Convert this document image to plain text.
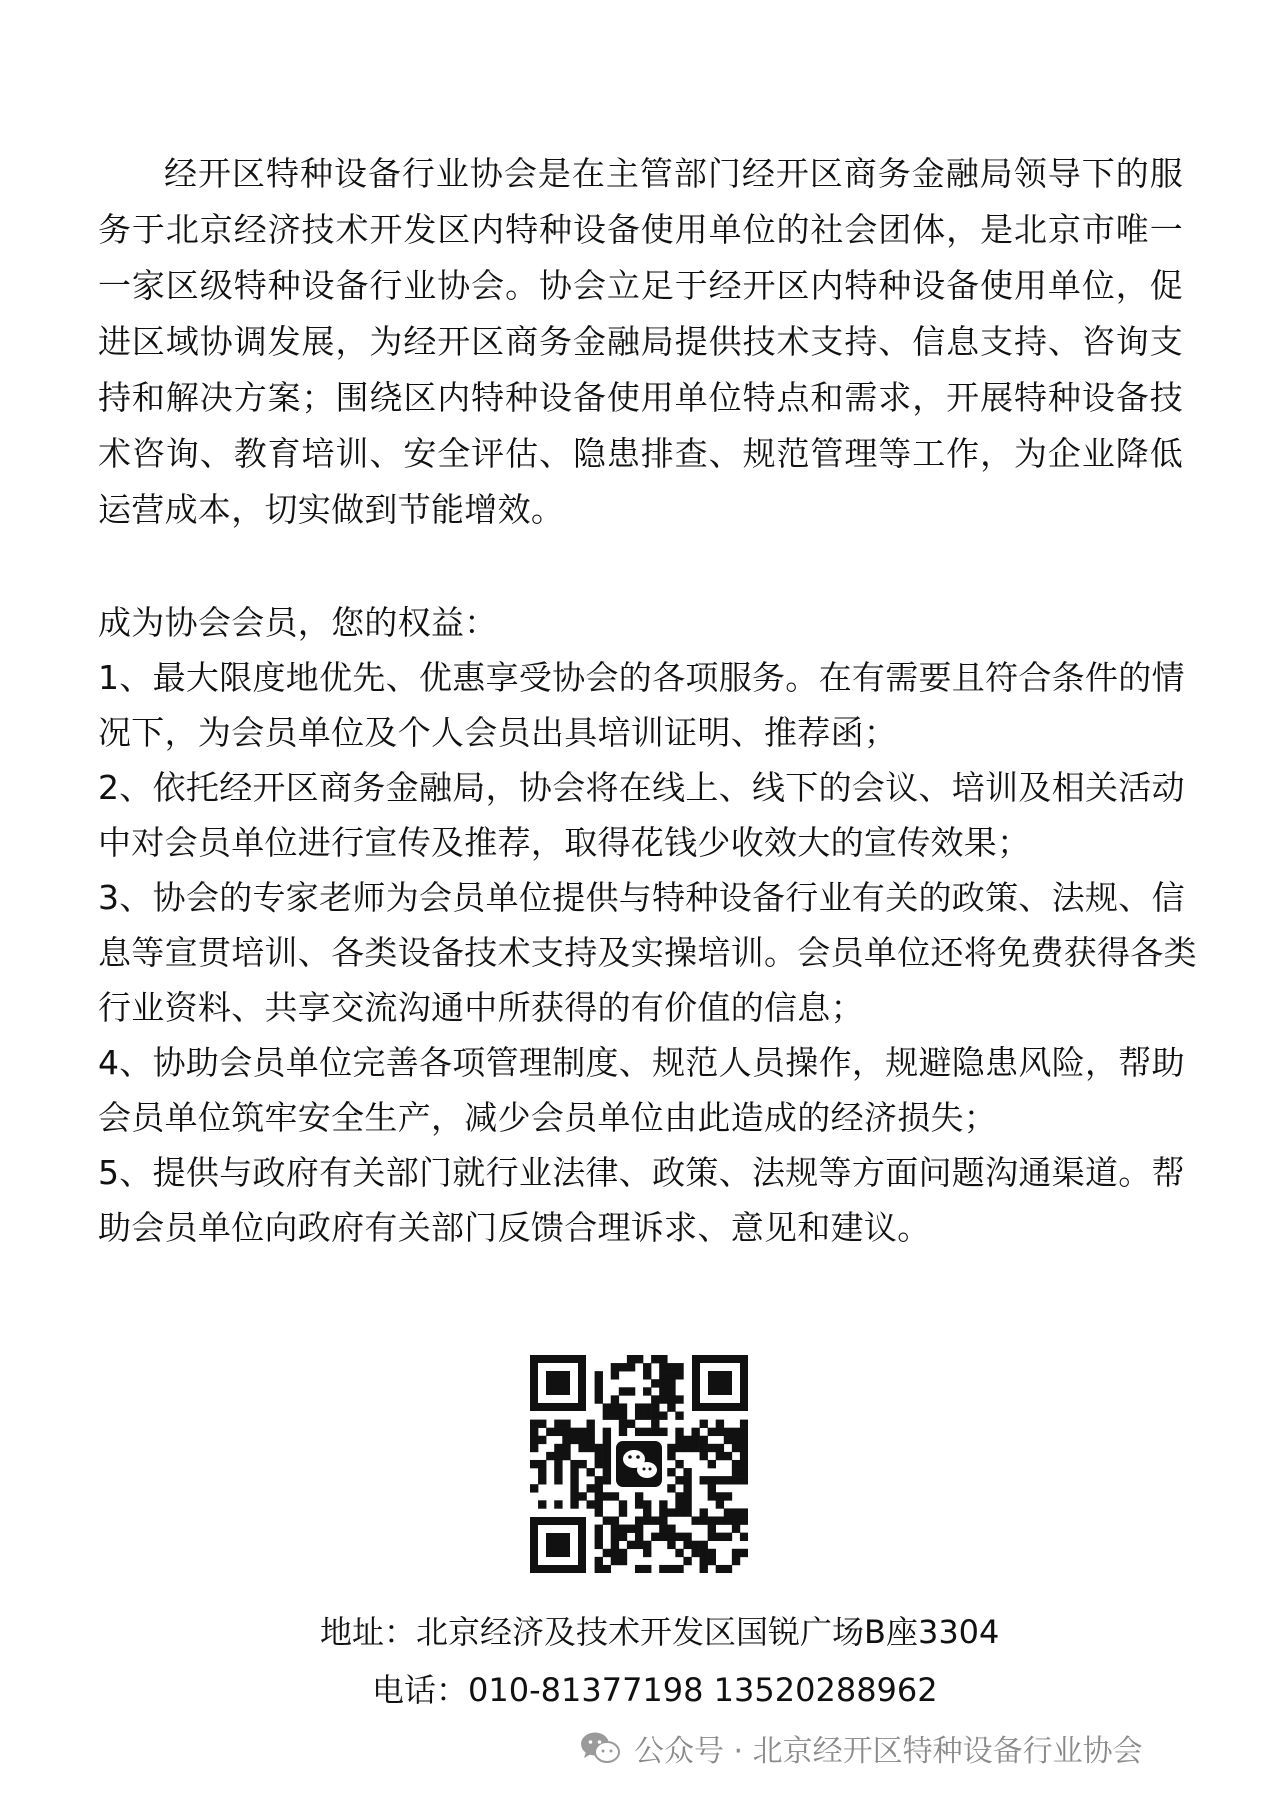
经开区特种设备行业协会是在主管部门经开区商务金融局领导下的服务于北京经济技术开发区内特种设备使用单位的社会团体，是北京市唯一一家区级特种设备行业协会。协会立足于经开区内特种设备使用单位，促进区域协调发展，为经开区商务金融局提供技术支持、信息支持、咨询支持和解决方案；围绕区内特种设备使用单位特点和需求，开展特种设备技术咨询、教育培训、安全评估、隐患排查、规范管理等工作，为企业降低运营成本，切实做到节能增效。

成为协会会员，您的权益：

1、最大限度地优先、优惠享受协会的各项服务。在有需要且符合条件的情况下，为会员单位及个人会员出具培训证明、推荐函；

2、依托经开区商务金融局，协会将在线上、线下的会议、培训及相关活动中对会员单位进行宣传及推荐，取得花钱少收效大的宣传效果；

3、协会的专家老师为会员单位提供与特种设备行业有关的政策、法规、信息等宣贯培训、各类设备技术支持及实操培训。会员单位还将免费获得各类行业资料、共享交流沟通中所获得的有价值的信息；

4、协助会员单位完善各项管理制度、规范人员操作，规避隐患风险，帮助会员单位筑牢安全生产，减少会员单位由此造成的经济损失；

5、提供与政府有关部门就行业法律、政策、法规等方面问题沟通渠道。帮助会员单位向政府有关部门反馈合理诉求、意见和建议。

地址：北京经济及技术开发区国锐广场B座3304

电话：010-81377198 13520288962

公众号 · 北京经开区特种设备行业协会
